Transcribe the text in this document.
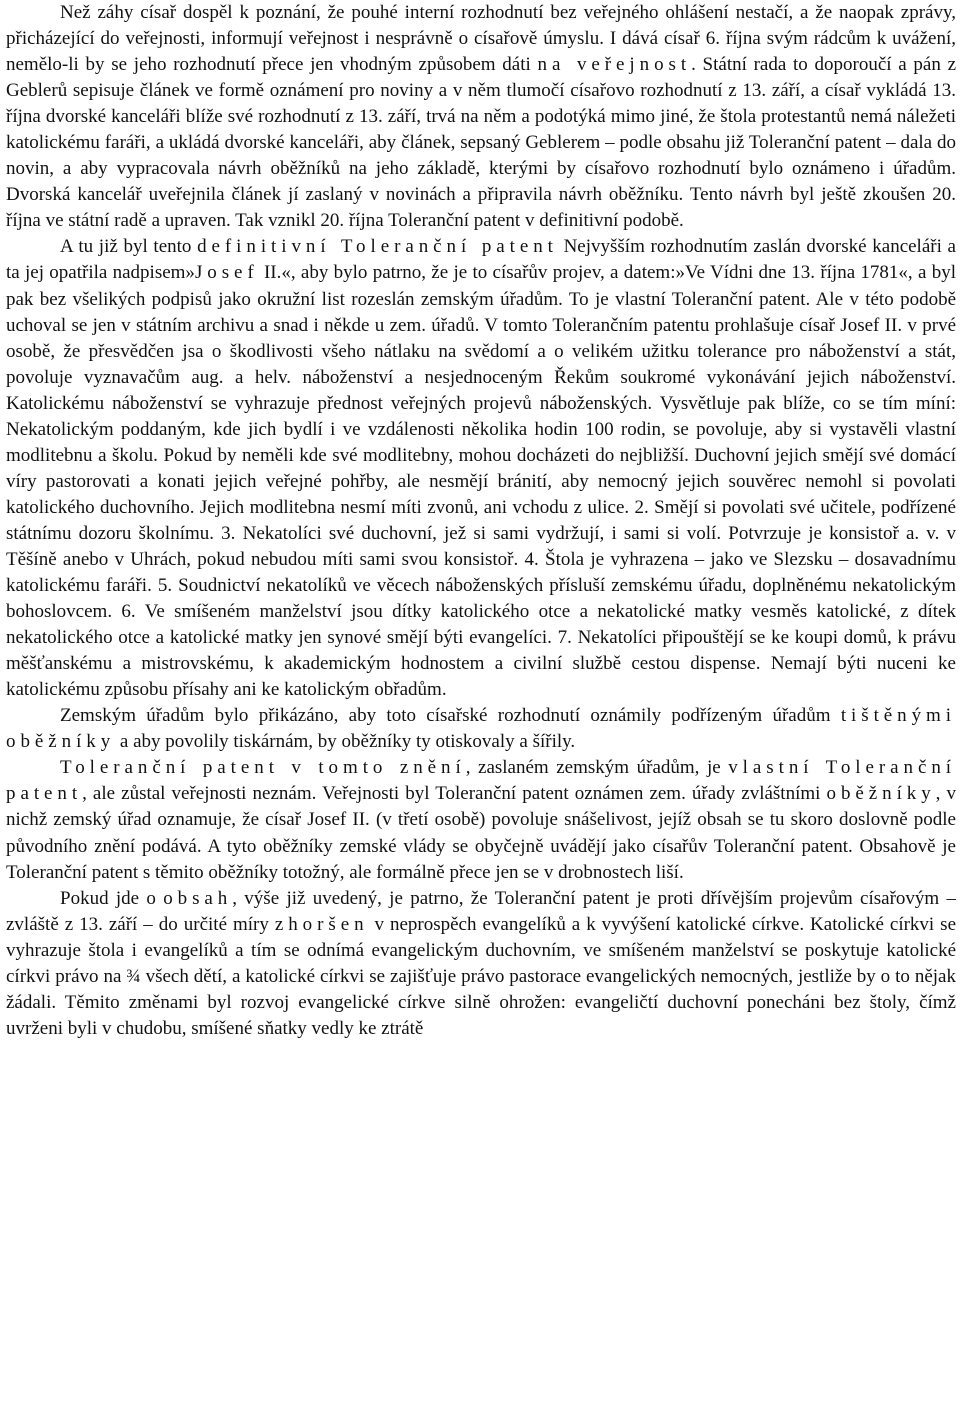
Než záhy císař dospěl k poznání, že pouhé interní rozhodnutí bez veřejného ohlášení nestačí, a že naopak zprávy, přicházející do veřejnosti, informují veřejnost i nesprávně o císařově úmyslu. I dává císař 6. října svým rádcům k uvážení, nemělo-li by se jeho rozhodnutí přece jen vhodným způsobem dáti na veřejnost. Státní rada to doporoučí a pán z Geblerů sepisuje článek ve formě oznámení pro noviny a v něm tlumočí císařovo rozhodnutí z 13. září, a císař vykládá 13. října dvorské kanceláři blíže své rozhodnutí z 13. září, trvá na něm a podotýká mimo jiné, že štola protestantů nemá náležeti katolickému faráři, a ukládá dvorské kanceláři, aby článek, sepsaný Geblerem – podle obsahu již Toleranční patent – dala do novin, a aby vypracovala návrh oběžníků na jeho základě, kterými by císařovo rozhodnutí bylo oznámeno i úřadům. Dvorská kancelář uveřejnila článek jí zaslaný v novinách a připravila návrh oběžníku. Tento návrh byl ještě zkoušen 20. října ve státní radě a upraven. Tak vznikl 20. října Toleranční patent v definitivní podobě.

A tu již byl tento definitivní Toleranční patent Nejvyšším rozhodnutím zaslán dvorské kanceláři a ta jej opatřila nadpisem»Josef II.«, aby bylo patrno, že je to císařův projev, a datem:»Ve Vídni dne 13. října 1781«, a byl pak bez všelikých podpisů jako okružní list rozeslán zemským úřadům. To je vlastní Toleranční patent. Ale v této podobě uchoval se jen v státním archivu a snad i někde u zem. úřadů. V tomto Tolerančním patentu prohlašuje císař Josef II. v prvé osobě, že přesvědčen jsa o škodlivosti všeho nátlaku na svědomí a o velikém užitku tolerance pro náboženství a stát, povoluje vyznavačům aug. a helv. náboženství a nesjednoceným Řekům soukromé vykonávání jejich náboženství. Katolickému náboženství se vyhrazuje přednost veřejných projevů náboženských. Vysvětluje pak blíže, co se tím míní: Nekatolickým poddaným, kde jich bydlí i ve vzdálenosti několika hodin 100 rodin, se povoluje, aby si vystavěli vlastní modlitebnu a školu. Pokud by neměli kde své modlitebny, mohou docházeti do nejbližší. Duchovní jejich smějí své domácí víry pastorovati a konati jejich veřejné pohřby, ale nesmějí bránití, aby nemocný jejich souvěrec nemohl si povolati katolického duchovního. Jejich modlitebna nesmí míti zvonů, ani vchodu z ulice. 2. Smějí si povolati své učitele, podřízené státnímu dozoru školnímu. 3. Nekatolíci své duchovní, jež si sami vydržují, i sami si volí. Potvrzuje je konsistoř a. v. v Těšíně anebo v Uhrách, pokud nebudou míti sami svou konsistoř. 4. Štola je vyhrazena – jako ve Slezsku – dosavadnímu katolickému faráři. 5. Soudnictví nekatolíků ve věcech náboženských přísluší zemskému úřadu, doplněnému nekatolickým bohoslovcem. 6. Ve smíšeném manželství jsou dítky katolického otce a nekatolické matky vesměs katolické, z dítek nekatolického otce a katolické matky jen synové smějí býti evangelíci. 7. Nekatolíci připouštějí se ke koupi domů, k právu měšťanskému a mistrovskému, k akademickým hodnostem a civilní službě cestou dispense. Nemají býti nuceni ke katolickému způsobu přísahy ani ke katolickým obřadům.

Zemským úřadům bylo přikázáno, aby toto císařské rozhodnutí oznámily podřízeným úřadům tištěnými oběžníky a aby povolily tiskárnám, by oběžníky ty otiskovaly a šířily.

Toleranční patent v tomto znění, zaslaném zemským úřadům, je vlastní Toleranční patent, ale zůstal veřejnosti neznám. Veřejnosti byl Toleranční patent oznámen zem. úřady zvláštními oběžníky, v nichž zemský úřad oznamuje, že císař Josef II. (v třetí osobě) povoluje snášelivost, jejíž obsah se tu skoro doslovně podle původního znění podává. A tyto oběžníky zemské vlády se obyčejně uvádějí jako císařův Toleranční patent. Obsahově je Toleranční patent s těmito oběžníky totožný, ale formálně přece jen se v drobnostech liší.

Pokud jde o obsah, výše již uvedený, je patrno, že Toleranční patent je proti dřívějším projevům císařovým – zvláště z 13. září – do určité míry zhoršen v neprospěch evangelíků a k vyvýšení katolické církve. Katolické církvi se vyhrazuje štola i evangelíků a tím se odnímá evangelickým duchovním, ve smíšeném manželství se poskytuje katolické církvi právo na ¾ všech dětí, a katolické církvi se zajišťuje právo pastorace evangelických nemocných, jestliže by o to nějak žádali. Těmito změnami byl rozvoj evangelické církve silně ohrožen: evangeličtí duchovní ponecháni bez štoly, čímž uvrženi byli v chudobu, smíšené sňatky vedly ke ztrátě
